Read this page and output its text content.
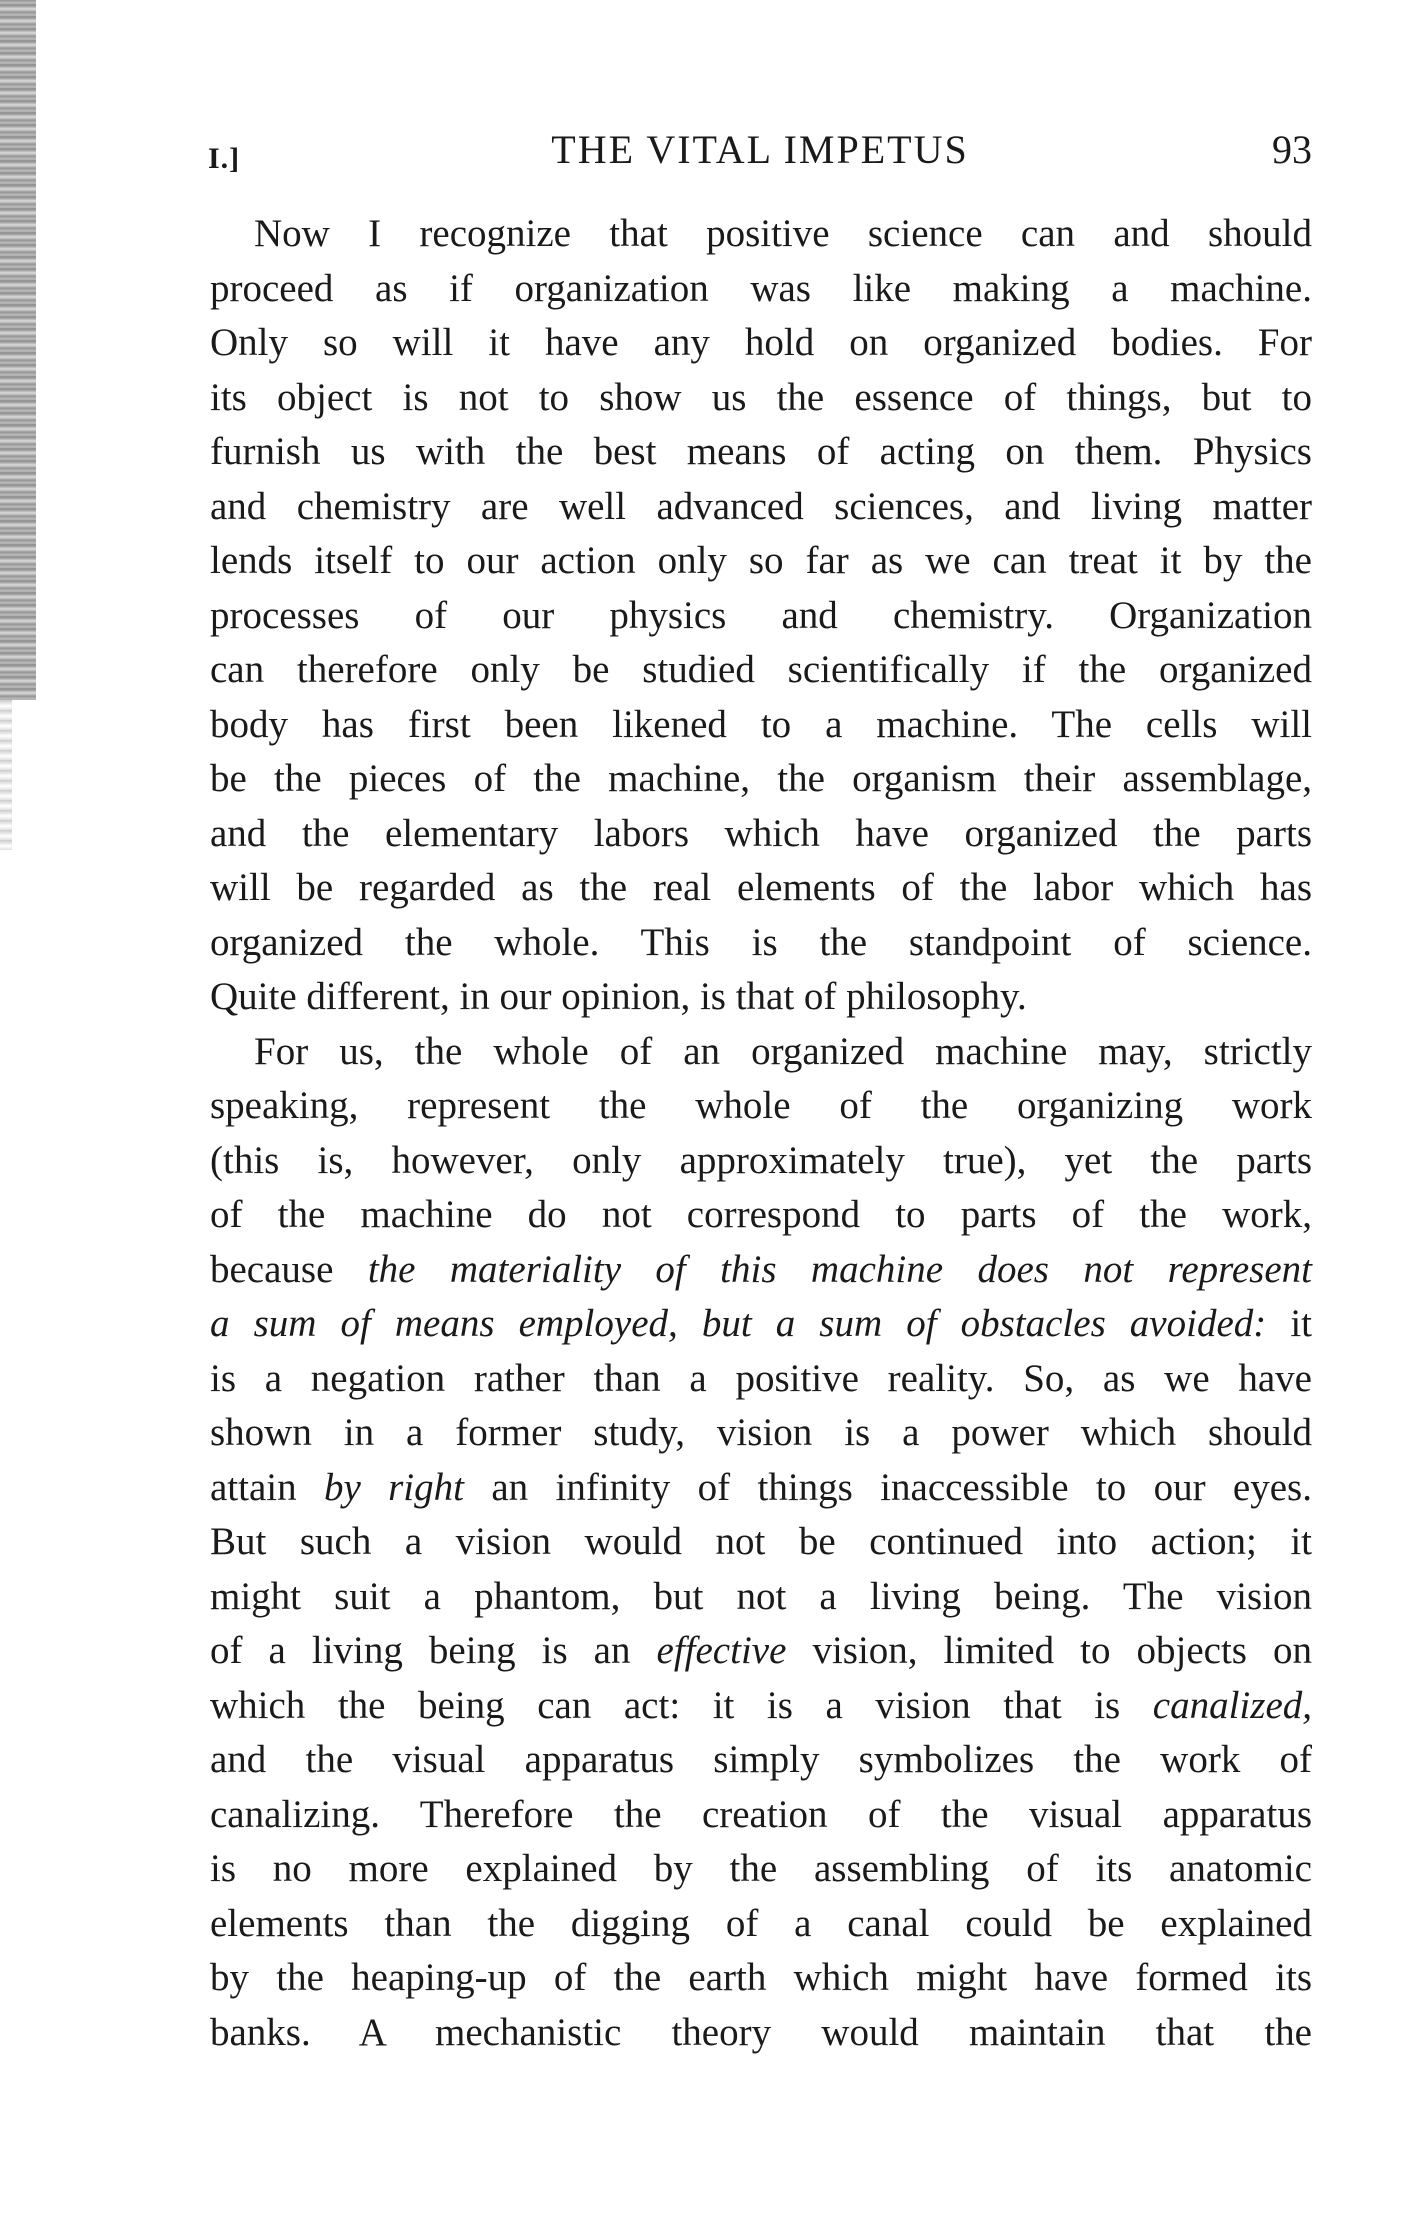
I.]	THE VITAL IMPETUS	93
Now I recognize that positive science can and should
proceed as if organization was like making a machine.
Only so will it have any hold on organized bodies. For
its object is not to show us the essence of things, but to
furnish us with the best means of acting on them. Physics
and chemistry are well advanced sciences, and living matter
lends itself to our action only so far as we can treat it by the
processes of our physics and chemistry. Organization
can therefore only be studied scientifically if the organized
body has first been likened to a machine. The cells will
be the pieces of the machine, the organism their assemblage,
and the elementary labors which have organized the parts
will be regarded as the real elements of the labor which has
organized the whole. This is the standpoint of science.
Quite different, in our opinion, is that of philosophy.
For us, the whole of an organized machine may, strictly
speaking, represent the whole of the organizing work
(this is, however, only approximately true), yet the parts
of the machine do not correspond to parts of the work,
because the materiality of this machine does not represent
a sum of means employed, but a sum of obstacles avoided: it
is a negation rather than a positive reality. So, as we have
shown in a former study, vision is a power which should
attain by right an infinity of things inaccessible to our eyes.
But such a vision would not be continued into action; it
might suit a phantom, but not a living being. The vision
of a living being is an effective vision, limited to objects on
which the being can act: it is a vision that is canalized,
and the visual apparatus simply symbolizes the work of
canalizing. Therefore the creation of the visual apparatus
is no more explained by the assembling of its anatomic
elements than the digging of a canal could be explained
by the heaping-up of the earth which might have formed its
banks. A mechanistic theory would maintain that the
